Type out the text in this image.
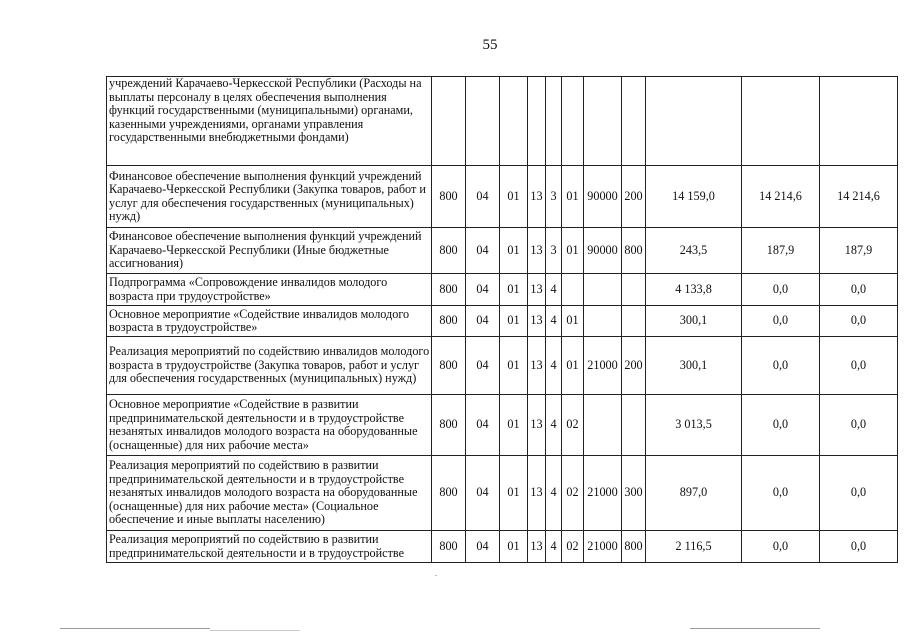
55
учреждений Карачаево-Черкесской Республики (Расходы на выплаты персоналу в целях обеспечения выполнения функций государственными (муниципальными) органами, казенными учреждениями, органами управления государственными внебюджетными фондами)											
Финансовое обеспечение выполнения функций учреждений Карачаево-Черкесской Республики (Закупка товаров, работ и услуг для обеспечения государственных (муниципальных) нужд)	800	04	01	13	3	01	90000	200	14 159,0	14 214,6	14 214,6
Финансовое обеспечение выполнения функций учреждений Карачаево-Черкесской Республики (Иные бюджетные ассигнования)	800	04	01	13	3	01	90000	800	243,5	187,9	187,9
Подпрограмма «Сопровождение инвалидов молодого возраста при трудоустройстве»	800	04	01	13	4				4 133,8	0,0	0,0
Основное мероприятие «Содействие инвалидов молодого возраста в трудоустройстве»	800	04	01	13	4	01			300,1	0,0	0,0
Реализация мероприятий по содействию инвалидов молодого возраста в трудоустройстве (Закупка товаров, работ и услуг для обеспечения государственных (муниципальных) нужд)	800	04	01	13	4	01	21000	200	300,1	0,0	0,0
Основное мероприятие «Содействие в развитии предпринимательской деятельности и в трудоустройстве незанятых инвалидов молодого возраста на оборудованные (оснащенные) для них рабочие места»	800	04	01	13	4	02			3 013,5	0,0	0,0
Реализация мероприятий по содействию в развитии предпринимательской деятельности и в трудоустройстве незанятых инвалидов молодого возраста на оборудованные (оснащенные) для них рабочие места» (Социальное обеспечение и иные выплаты населению)	800	04	01	13	4	02	21000	300	897,0	0,0	0,0
Реализация мероприятий по содействию в развитии предпринимательской деятельности и в трудоустройстве	800	04	01	13	4	02	21000	800	2 116,5	0,0	0,0
